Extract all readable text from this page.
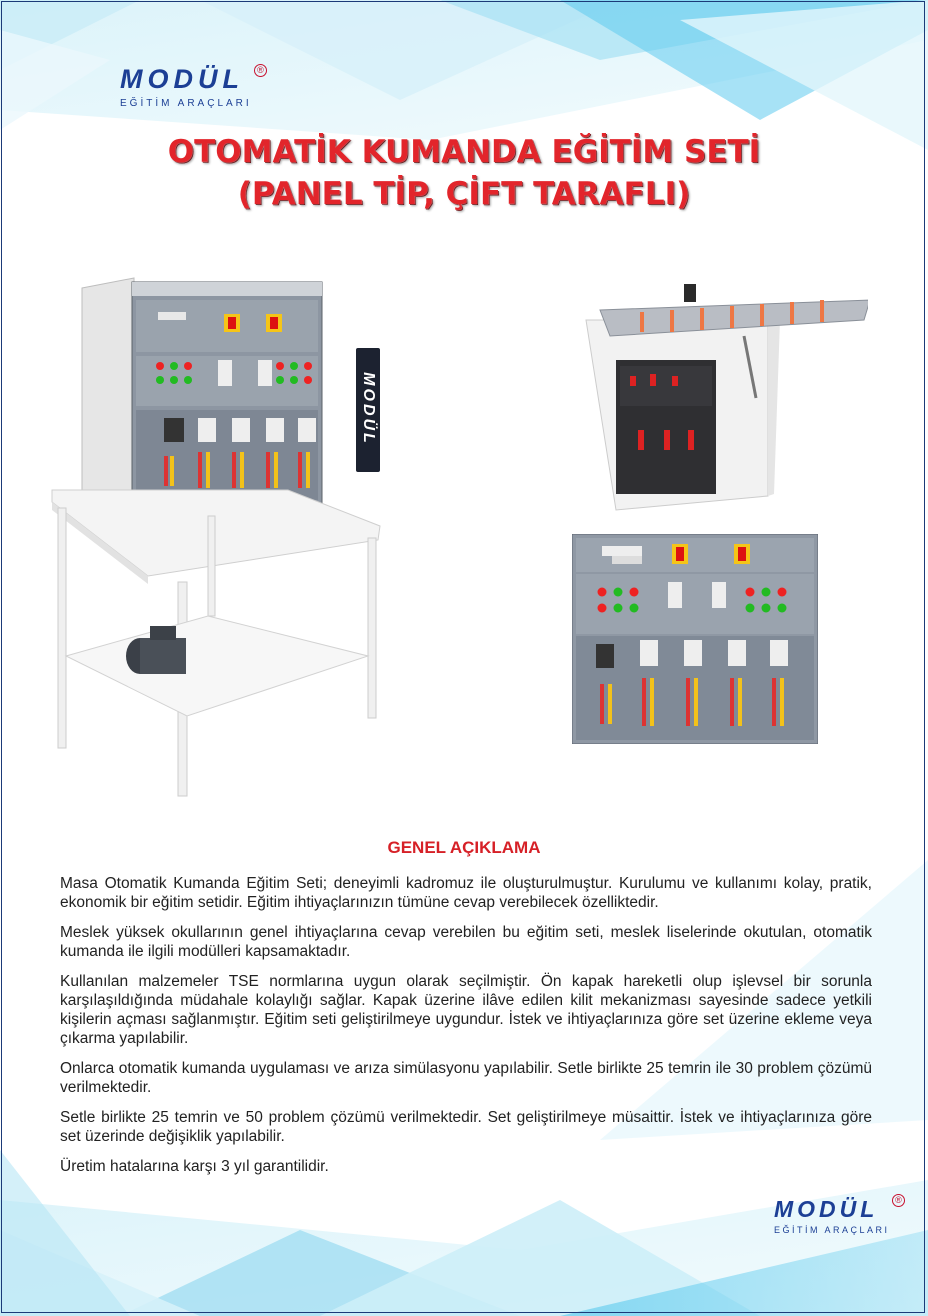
MODÜL	®
EĞİTİM ARAÇLARI
OTOMATİK KUMANDA EĞİTİM SETİ
(PANEL TİP, ÇİFT TARAFLI)
MODÜL
GENEL AÇIKLAMA

Masa Otomatik Kumanda Eğitim Seti; deneyimli kadromuz ile oluşturulmuştur. Kurulumu ve kullanımı kolay, pratik, ekonomik bir eğitim setidir. Eğitim ihtiyaçlarınızın tümüne cevap verebilecek özelliktedir.

Meslek yüksek okullarının genel ihtiyaçlarına cevap verebilen bu eğitim seti, meslek liselerinde okutulan, otomatik kumanda ile ilgili modülleri kapsamaktadır.

Kullanılan malzemeler TSE normlarına uygun olarak seçilmiştir. Ön kapak hareketli olup işlevsel bir sorunla karşılaşıldığında müdahale kolaylığı sağlar. Kapak üzerine ilâve edilen kilit mekanizması sayesinde sadece yetkili kişilerin açması sağlanmıştır. Eğitim seti geliştirilmeye uygundur. İstek ve ihtiyaçlarınıza göre set üzerine ekleme veya çıkarma yapılabilir.

Onlarca otomatik kumanda uygulaması ve arıza simülasyonu yapılabilir. Setle birlikte 25 temrin ile 30 problem çözümü verilmektedir.

Setle birlikte 25 temrin ve 50 problem çözümü verilmektedir. Set geliştirilmeye müsaittir. İstek ve ihtiyaçlarınıza göre set üzerinde değişiklik yapılabilir.

Üretim hatalarına karşı 3 yıl garantilidir.

MODÜL	®
EĞİTİM ARAÇLARI
